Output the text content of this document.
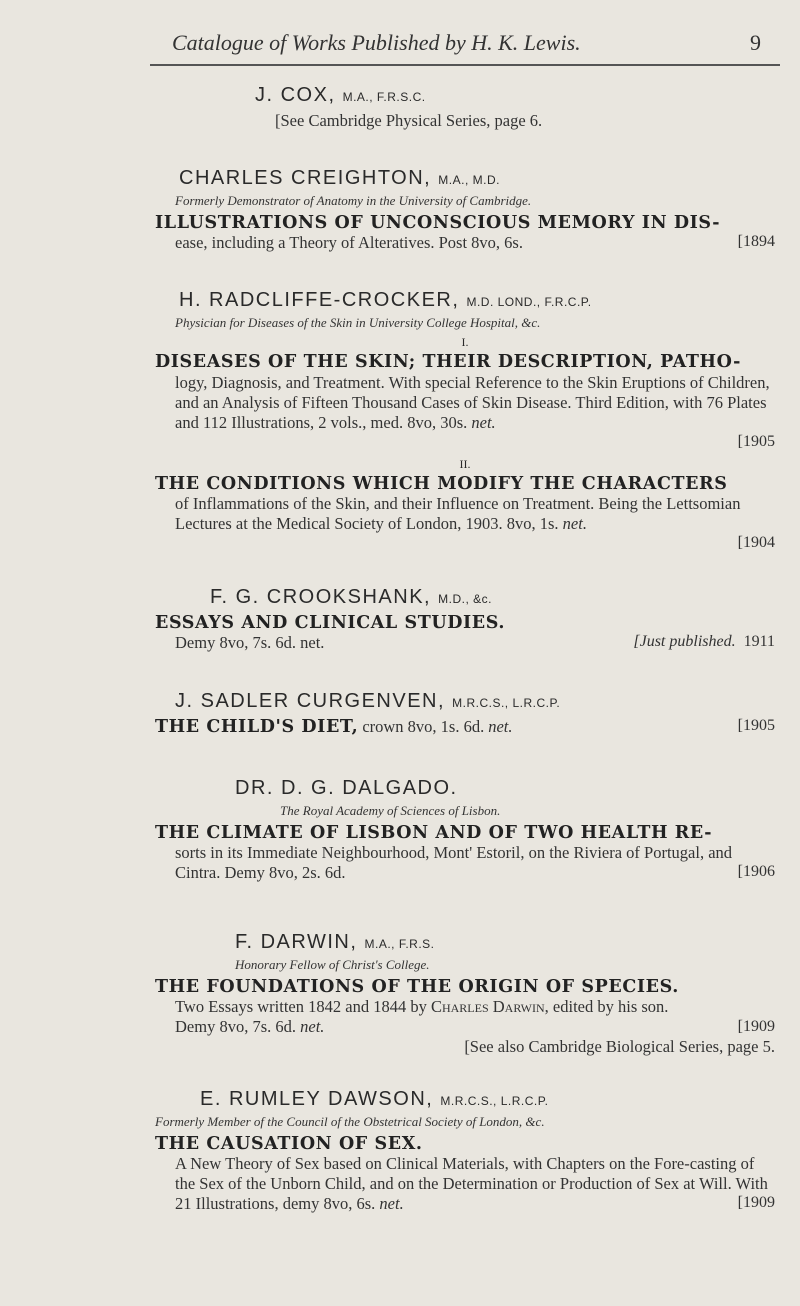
Catalogue of Works Published by H. K. Lewis.	9
J. COX, M.A., F.R.S.C.
[See Cambridge Physical Series, page 6.
CHARLES CREIGHTON, M.A., M.D.
Formerly Demonstrator of Anatomy in the University of Cambridge.
ILLUSTRATIONS OF UNCONSCIOUS MEMORY IN DIS-
ease, including a Theory of Alteratives. Post 8vo, 6s.	[1894
H. RADCLIFFE-CROCKER, M.D. LOND., F.R.C.P.
Physician for Diseases of the Skin in University College Hospital, &c.
I.
DISEASES OF THE SKIN; THEIR DESCRIPTION, PATHO-
logy, Diagnosis, and Treatment. With special Reference to the Skin Eruptions of Children, and an Analysis of Fifteen Thousand Cases of Skin Disease. Third Edition, with 76 Plates and 112 Illustrations, 2 vols., med. 8vo, 30s. net.
[1905
II.
THE CONDITIONS WHICH MODIFY THE CHARACTERS
of Inflammations of the Skin, and their Influence on Treatment. Being the Lettsomian Lectures at the Medical Society of London, 1903. 8vo, 1s. net.
[1904
F. G. CROOKSHANK, M.D., &c.
ESSAYS AND CLINICAL STUDIES.
Demy 8vo, 7s. 6d. net.	[Just published. 1911
J. SADLER CURGENVEN, M.R.C.S., L.R.C.P.
THE CHILD'S DIET, crown 8vo, 1s. 6d. net.	[1905
DR. D. G. DALGADO.
The Royal Academy of Sciences of Lisbon.
THE CLIMATE OF LISBON AND OF TWO HEALTH RE-
sorts in its Immediate Neighbourhood, Mont' Estoril, on the Riviera of Portugal, and Cintra. Demy 8vo, 2s. 6d.	[1906
F. DARWIN, M.A., F.R.S.
Honorary Fellow of Christ's College.
THE FOUNDATIONS OF THE ORIGIN OF SPECIES.
Two Essays written 1842 and 1844 by Charles Darwin, edited by his son.
Demy 8vo, 7s. 6d. net.	[1909
[See also Cambridge Biological Series, page 5.
E. RUMLEY DAWSON, M.R.C.S., L.R.C.P.
Formerly Member of the Council of the Obstetrical Society of London, &c.
THE CAUSATION OF SEX.
A New Theory of Sex based on Clinical Materials, with Chapters on the Fore-casting of the Sex of the Unborn Child, and on the Determination or Production of Sex at Will. With 21 Illustrations, demy 8vo, 6s. net.	[1909
